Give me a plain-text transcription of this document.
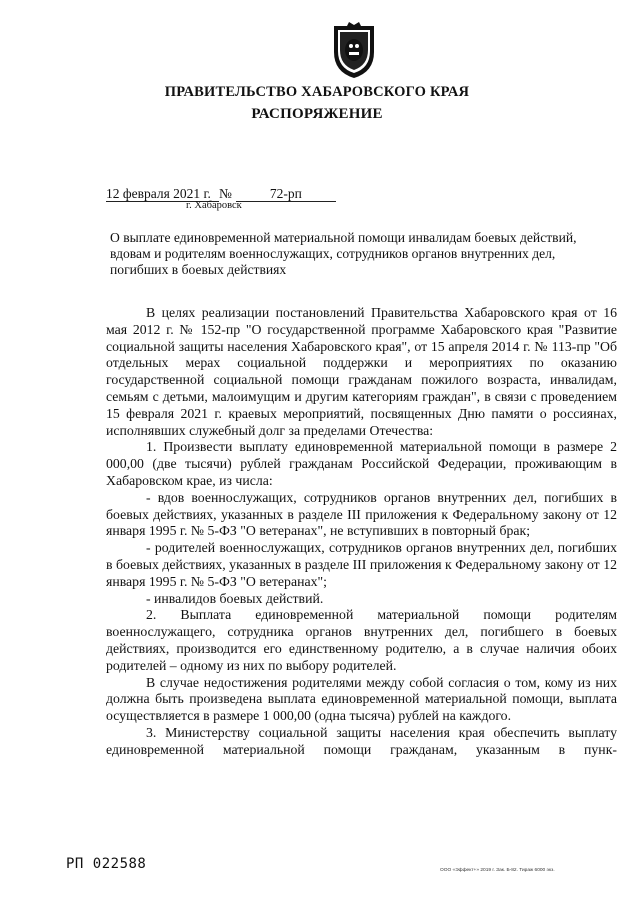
ПРАВИТЕЛЬСТВО ХАБАРОВСКОГО КРАЯ
РАСПОРЯЖЕНИЕ
12 февраля 2021 г. №	72-рп
г. Хабаровск
О выплате единовременной материальной помощи инвалидам боевых действий, вдовам и родителям военнослужащих, сотрудников органов внутренних дел, погибших в боевых действиях

В целях реализации постановлений Правительства Хабаровского края от 16 мая 2012 г. № 152-пр "О государственной программе Хабаровского края "Развитие социальной защиты населения Хабаровского края", от 15 апреля 2014 г. № 113-пр "Об отдельных мерах социальной поддержки и мероприятиях по оказанию государственной социальной помощи гражданам пожилого возраста, инвалидам, семьям с детьми, малоимущим и другим категориям граждан", в связи с проведением 15 февраля 2021 г. краевых мероприятий, посвященных Дню памяти о россиянах, исполнявших служебный долг за пределами Отечества:

1. Произвести выплату единовременной материальной помощи в размере 2 000,00 (две тысячи) рублей гражданам Российской Федерации, проживающим в Хабаровском крае, из числа:

- вдов военнослужащих, сотрудников органов внутренних дел, погибших в боевых действиях, указанных в разделе III приложения к Федеральному закону от 12 января 1995 г. № 5-ФЗ "О ветеранах", не вступивших в повторный брак;

- родителей военнослужащих, сотрудников органов внутренних дел, погибших в боевых действиях, указанных в разделе III приложения к Федеральному закону от 12 января 1995 г. № 5-ФЗ "О ветеранах";

- инвалидов боевых действий.

2. Выплата единовременной материальной помощи родителям военнослужащего, сотрудника органов внутренних дел, погибшего в боевых действиях, производится его единственному родителю, а в случае наличия обоих родителей – одному из них по выбору родителей.

В случае недостижения родителями между собой согласия о том, кому из них должна быть произведена выплата единовременной материальной помощи, выплата осуществляется в размере 1 000,00 (одна тысяча) рублей на каждого.

3. Министерству социальной защиты населения края обеспечить выплату единовременной материальной помощи гражданам, указанным в пунк-

РП 022588	ООО «Эффект+» 2019 г. Зак. Б-82. Тираж 6000 экз.
